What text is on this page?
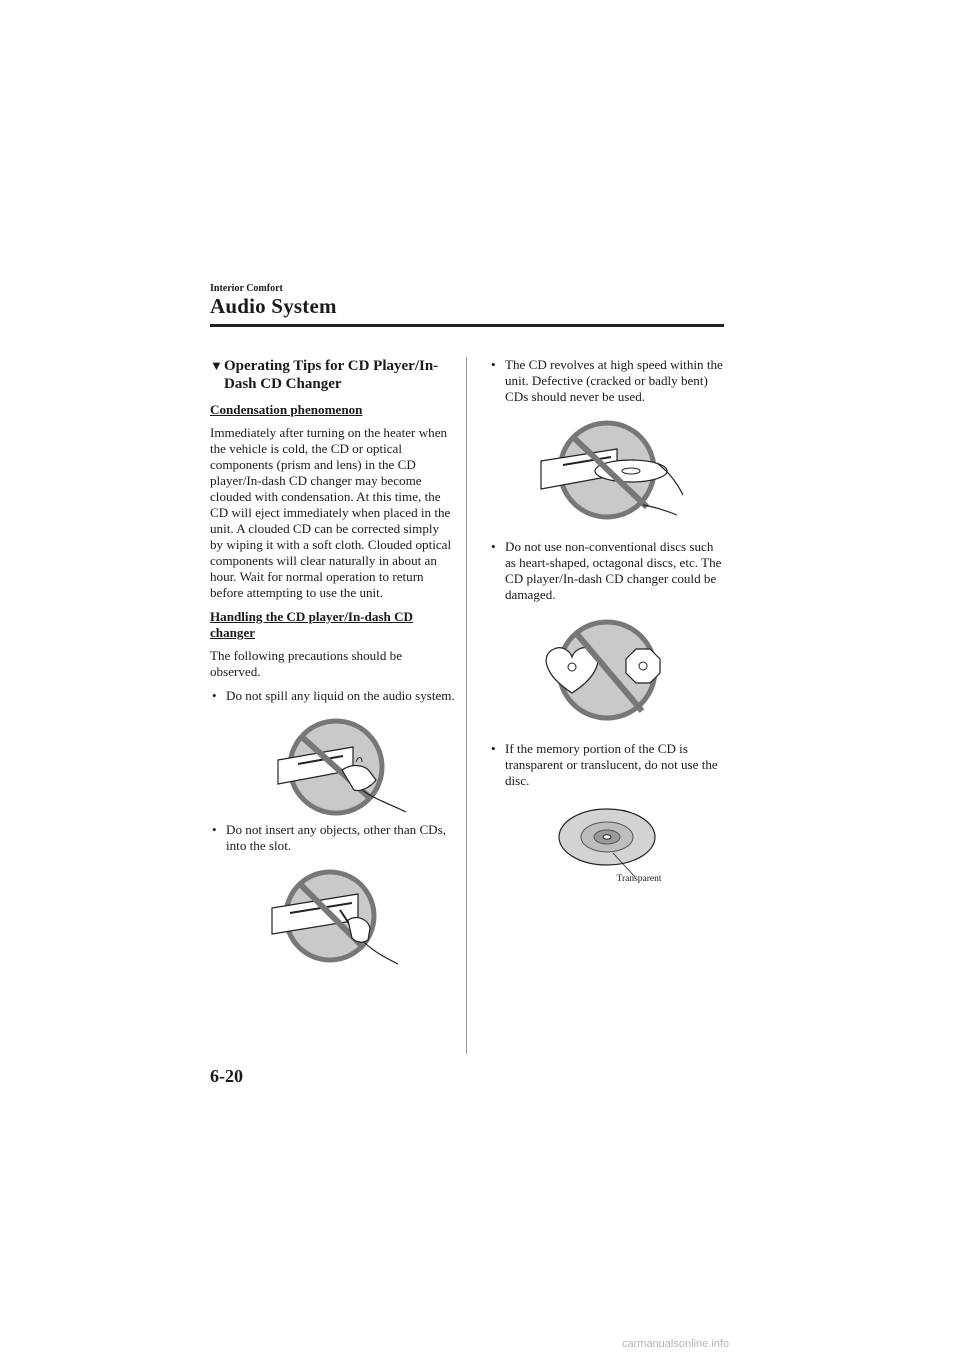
Interior Comfort
Audio System
▼ Operating Tips for CD Player/In-Dash CD Changer
Condensation phenomenon

Immediately after turning on the heater when the vehicle is cold, the CD or optical components (prism and lens) in the CD player/In-dash CD changer may become clouded with condensation. At this time, the CD will eject immediately when placed in the unit. A clouded CD can be corrected simply by wiping it with a soft cloth. Clouded optical components will clear naturally in about an hour. Wait for normal operation to return before attempting to use the unit.

Handling the CD player/In-dash CD changer

The following precautions should be observed.

• Do not spill any liquid on the audio system.
• Do not insert any objects, other than CDs, into the slot.
• The CD revolves at high speed within the unit. Defective (cracked or badly bent) CDs should never be used.
• Do not use non-conventional discs such as heart-shaped, octagonal discs, etc. The CD player/In-dash CD changer could be damaged.
• If the memory portion of the CD is transparent or translucent, do not use the disc.
Transparent
6-20
carmanualsonline.info
